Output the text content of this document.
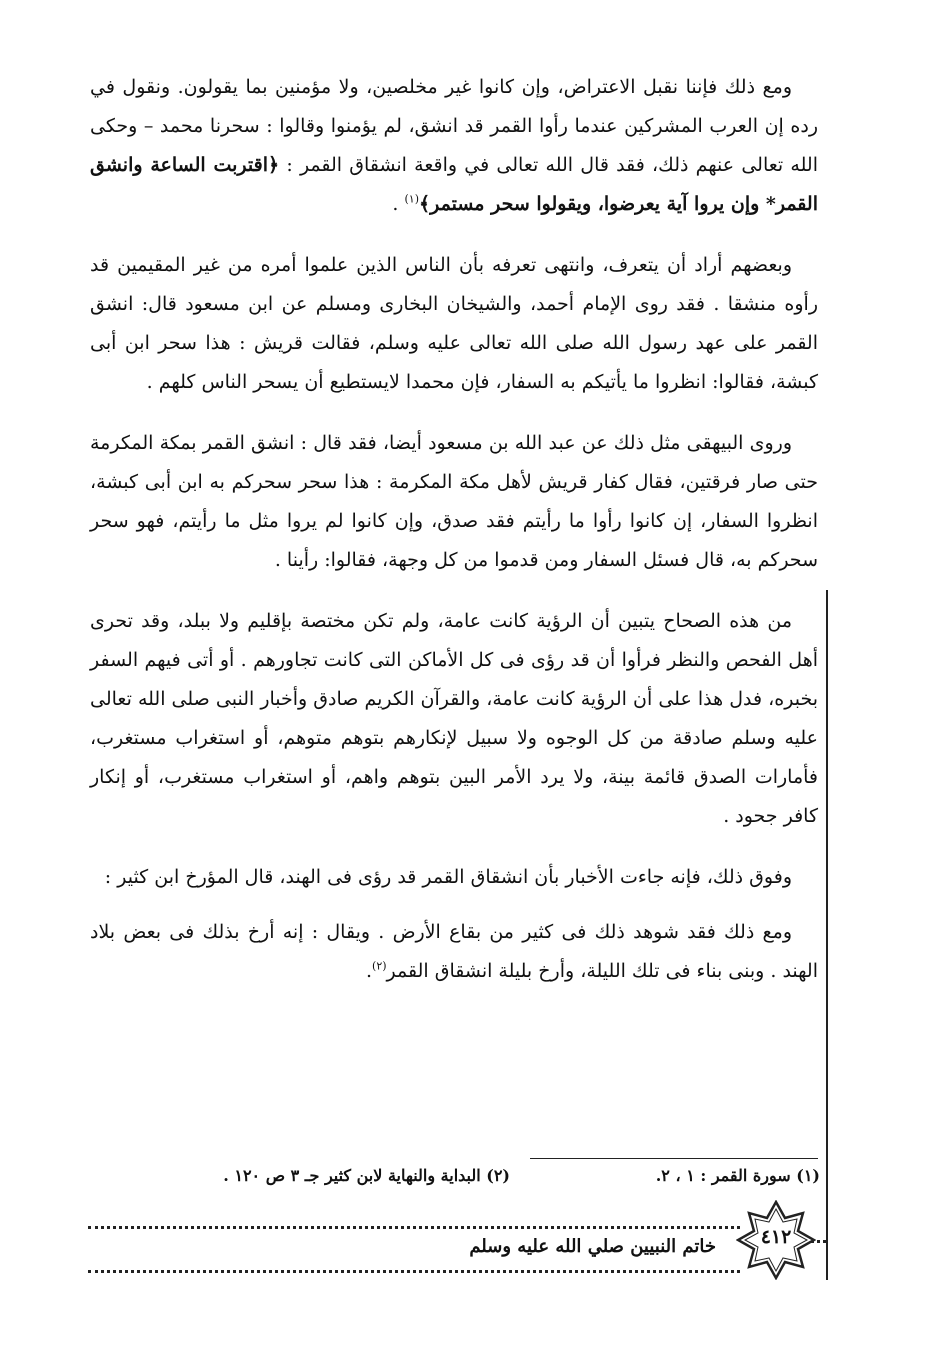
ومع ذلك فإننا نقبل الاعتراض، وإن كانوا غير مخلصين، ولا مؤمنين بما يقولون. ونقول في رده إن العرب المشركين عندما رأوا القمر قد انشق، لم يؤمنوا وقالوا : سحرنا محمد – وحكى الله تعالى عنهم ذلك، فقد قال الله تعالى في واقعة انشقاق القمر : ﴿اقتربت الساعة وانشق القمر* وإن يروا آية يعرضوا، ويقولوا سحر مستمر﴾$^{(١)}$ .

وبعضهم أراد أن يتعرف، وانتهى تعرفه بأن الناس الذين علموا أمره من غير المقيمين قد رأوه منشقا . فقد روى الإمام أحمد، والشيخان البخارى ومسلم عن ابن مسعود قال: انشق القمر على عهد رسول الله صلى الله تعالى عليه وسلم، فقالت قريش : هذا سحر ابن أبى كبشة، فقالوا: انظروا ما يأتيكم به السفار، فإن محمدا لايستطيع أن يسحر الناس كلهم .

وروى البيهقى مثل ذلك عن عبد الله بن مسعود أيضا، فقد قال : انشق القمر بمكة المكرمة حتى صار فرقتين، فقال كفار قريش لأهل مكة المكرمة : هذا سحر سحركم به ابن أبى كبشة، انظروا السفار، إن كانوا رأوا ما رأيتم فقد صدق، وإن كانوا لم يروا مثل ما رأيتم، فهو سحر سحركم به، قال فسئل السفار ومن قدموا من كل وجهة، فقالوا: رأينا .

من هذه الصحاح يتبين أن الرؤية كانت عامة، ولم تكن مختصة بإقليم ولا ببلد، وقد تحرى أهل الفحص والنظر فرأوا أن قد رؤى فى كل الأماكن التى كانت تجاورهم . أو أتى فيهم السفر بخبره، فدل هذا على أن الرؤية كانت عامة، والقرآن الكريم صادق وأخبار النبى صلى الله تعالى عليه وسلم صادقة من كل الوجوه ولا سبيل لإنكارهم بتوهم متوهم، أو استغراب مستغرب، فأمارات الصدق قائمة بينة، ولا يرد الأمر البين بتوهم واهم، أو استغراب مستغرب، أو إنكار كافر جحود .

وفوق ذلك، فإنه جاءت الأخبار بأن انشقاق القمر قد رؤى فى الهند، قال المؤرخ ابن كثير :

ومع ذلك فقد شوهد ذلك فى كثير من بقاع الأرض . ويقال : إنه أرخ بذلك فى بعض بلاد الهند . وبنى بناء فى تلك الليلة، وأرخ بليلة انشقاق القمر$^{(٢)}$.

(١) سورة القمر : ١ ، ٢.
(٢) البداية والنهاية لابن كثير جـ ٣ ص ١٢٠ .
خاتم النبيين صلي الله عليه وسلم	٤١٢
